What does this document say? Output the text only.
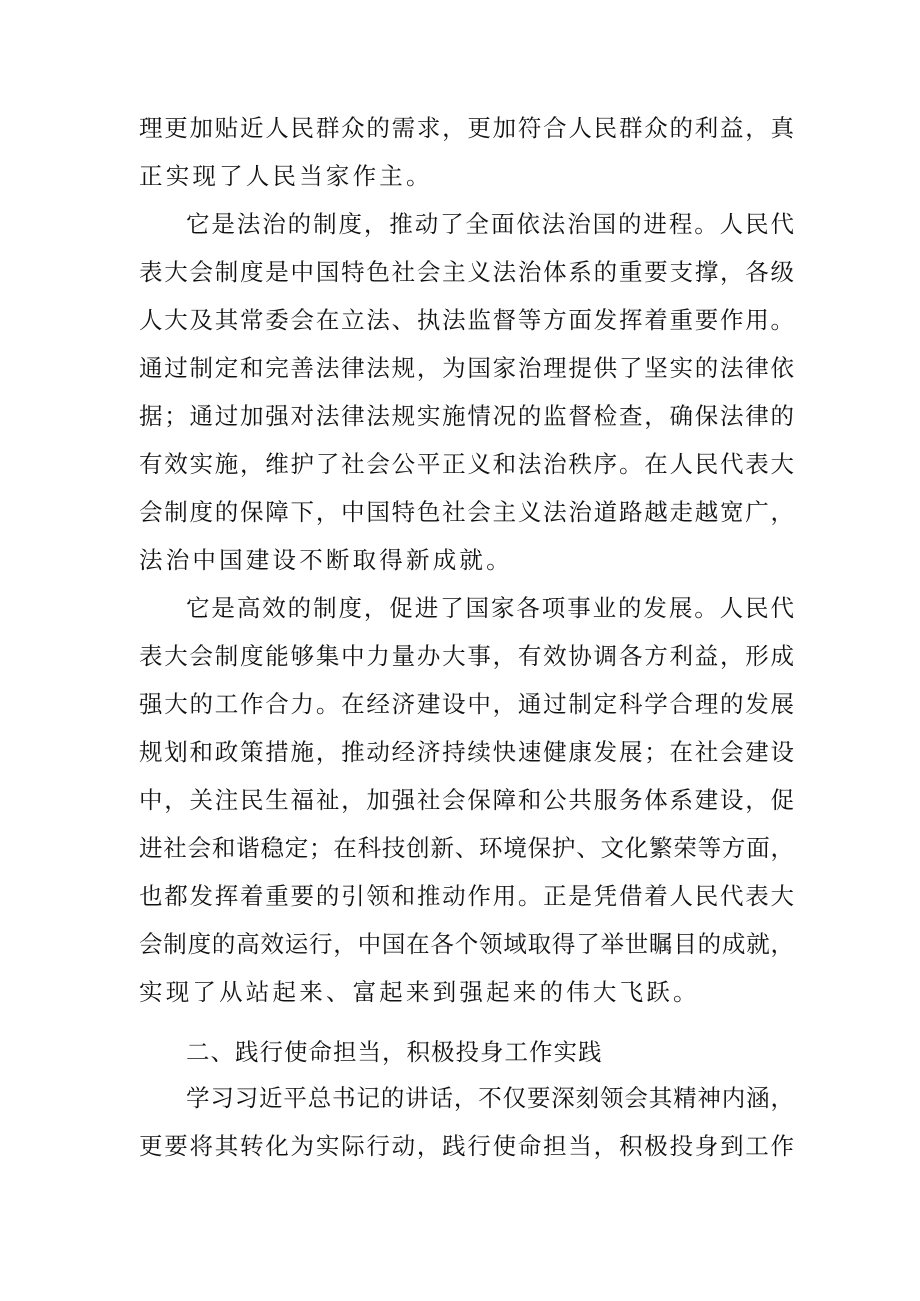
理更加贴近人民群众的需求，更加符合人民群众的利益，真
正实现了人民当家作主。
它是法治的制度，推动了全面依法治国的进程。人民代
表大会制度是中国特色社会主义法治体系的重要支撑，各级
人大及其常委会在立法、执法监督等方面发挥着重要作用。
通过制定和完善法律法规，为国家治理提供了坚实的法律依
据；通过加强对法律法规实施情况的监督检查，确保法律的
有效实施，维护了社会公平正义和法治秩序。在人民代表大
会制度的保障下，中国特色社会主义法治道路越走越宽广，
法治中国建设不断取得新成就。
它是高效的制度，促进了国家各项事业的发展。人民代
表大会制度能够集中力量办大事，有效协调各方利益，形成
强大的工作合力。在经济建设中，通过制定科学合理的发展
规划和政策措施，推动经济持续快速健康发展；在社会建设
中，关注民生福祉，加强社会保障和公共服务体系建设，促
进社会和谐稳定；在科技创新、环境保护、文化繁荣等方面，
也都发挥着重要的引领和推动作用。正是凭借着人民代表大
会制度的高效运行，中国在各个领域取得了举世瞩目的成就，
实现了从站起来、富起来到强起来的伟大飞跃。
二、践行使命担当，积极投身工作实践
学习习近平总书记的讲话，不仅要深刻领会其精神内涵，
更要将其转化为实际行动，践行使命担当，积极投身到工作
